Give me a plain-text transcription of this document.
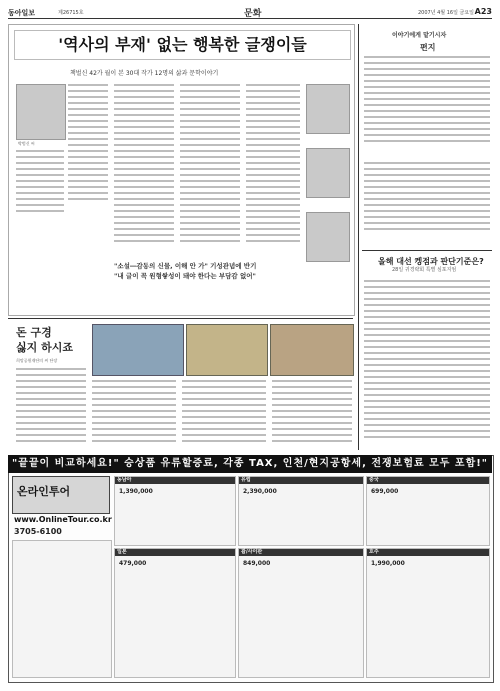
동아일보	제26715호	문화	2007년 4월 16일 금요일 A23
'역사의 부재' 없는 행복한 글쟁이들
책벌신 42가 월이 본 30대 작가 12명의 삶과 문학이야기
박범신 씨
"소설―감동의 신물, 이해 안 가" 기성관념에 반기
"내 글이 꼭 원형쌓성이 돼야 한다는 부담감 없어"
돈 구경
싫지 하시죠
희망공원재단의 씨 단장
이야기에게 맡기시자
편지
올해 대선 켕점과 판단기준은?
28일 귀경략회 특별 심포지엄
"끝끝이 비교하세요!" 승상품 유류할증료, 각종 TAX, 인천/현지공항세, 전쟁보험료 모두 포함!"
온라인투어
www.OnlineTour.co.kr
3705-6100
동남아
1,390,000
유럽
2,390,000
중국
699,000
일본
479,000
괌/사이판
849,000
호주
1,990,000
